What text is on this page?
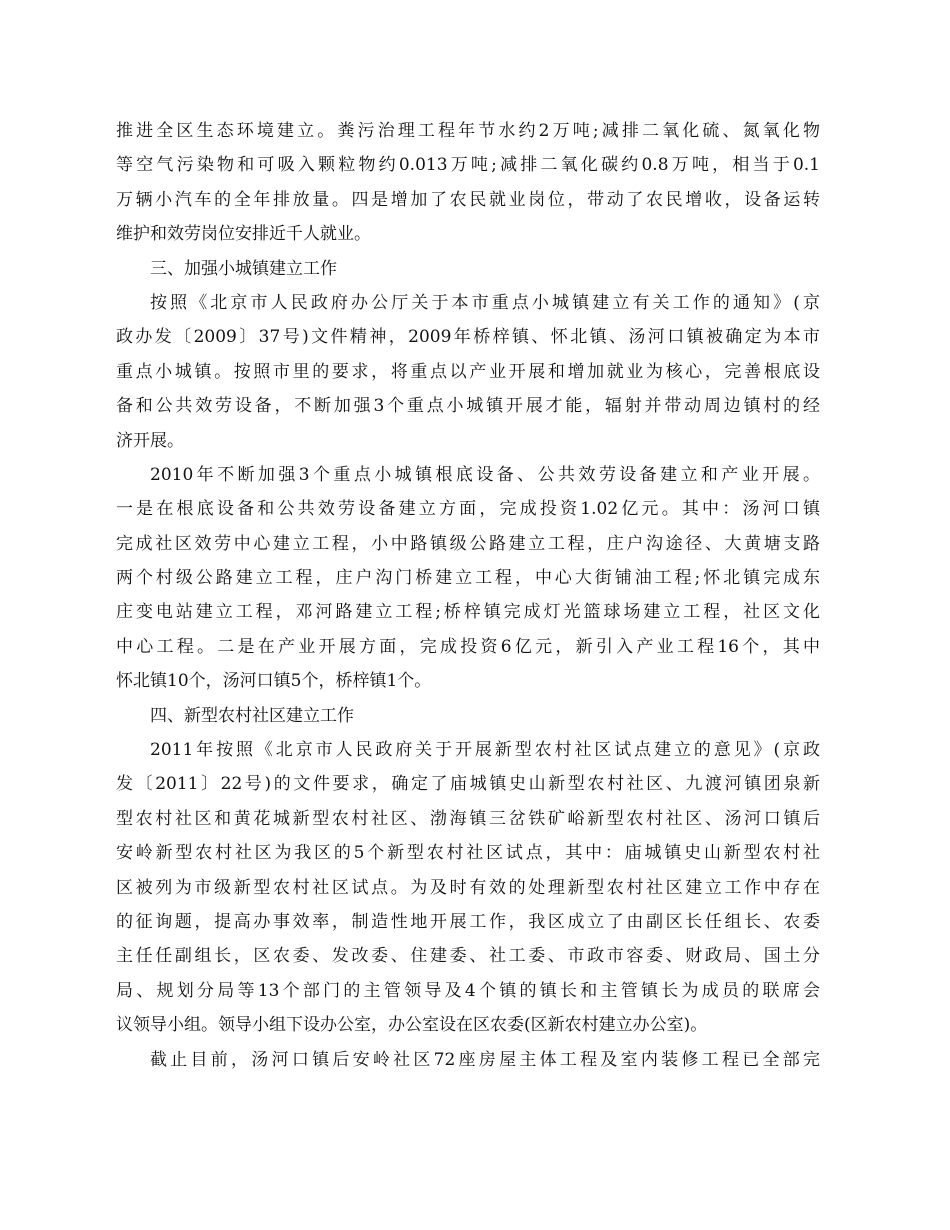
推进全区生态环境建立。粪污治理工程年节水约2万吨;减排二氧化硫、氮氧化物
等空气污染物和可吸入颗粒物约0.013万吨;减排二氧化碳约0.8万吨，相当于0.1
万辆小汽车的全年排放量。四是增加了农民就业岗位，带动了农民增收，设备运转
维护和效劳岗位安排近千人就业。
三、加强小城镇建立工作
按照《北京市人民政府办公厅关于本市重点小城镇建立有关工作的通知》(京
政办发〔2009〕37号)文件精神，2009年桥梓镇、怀北镇、汤河口镇被确定为本市
重点小城镇。按照市里的要求，将重点以产业开展和增加就业为核心，完善根底设
备和公共效劳设备，不断加强3个重点小城镇开展才能，辐射并带动周边镇村的经
济开展。
2010年不断加强3个重点小城镇根底设备、公共效劳设备建立和产业开展。
一是在根底设备和公共效劳设备建立方面，完成投资1.02亿元。其中：汤河口镇
完成社区效劳中心建立工程，小中路镇级公路建立工程，庄户沟途径、大黄塘支路
两个村级公路建立工程，庄户沟门桥建立工程，中心大街铺油工程;怀北镇完成东
庄变电站建立工程，邓河路建立工程;桥梓镇完成灯光篮球场建立工程，社区文化
中心工程。二是在产业开展方面，完成投资6亿元，新引入产业工程16个，其中
怀北镇10个，汤河口镇5个，桥梓镇1个。
四、新型农村社区建立工作
2011年按照《北京市人民政府关于开展新型农村社区试点建立的意见》(京政
发〔2011〕22号)的文件要求，确定了庙城镇史山新型农村社区、九渡河镇团泉新
型农村社区和黄花城新型农村社区、渤海镇三岔铁矿峪新型农村社区、汤河口镇后
安岭新型农村社区为我区的5个新型农村社区试点，其中：庙城镇史山新型农村社
区被列为市级新型农村社区试点。为及时有效的处理新型农村社区建立工作中存在
的征询题，提高办事效率，制造性地开展工作，我区成立了由副区长任组长、农委
主任任副组长，区农委、发改委、住建委、社工委、市政市容委、财政局、国土分
局、规划分局等13个部门的主管领导及4个镇的镇长和主管镇长为成员的联席会
议领导小组。领导小组下设办公室，办公室设在区农委(区新农村建立办公室)。
截止目前，汤河口镇后安岭社区72座房屋主体工程及室内装修工程已全部完
